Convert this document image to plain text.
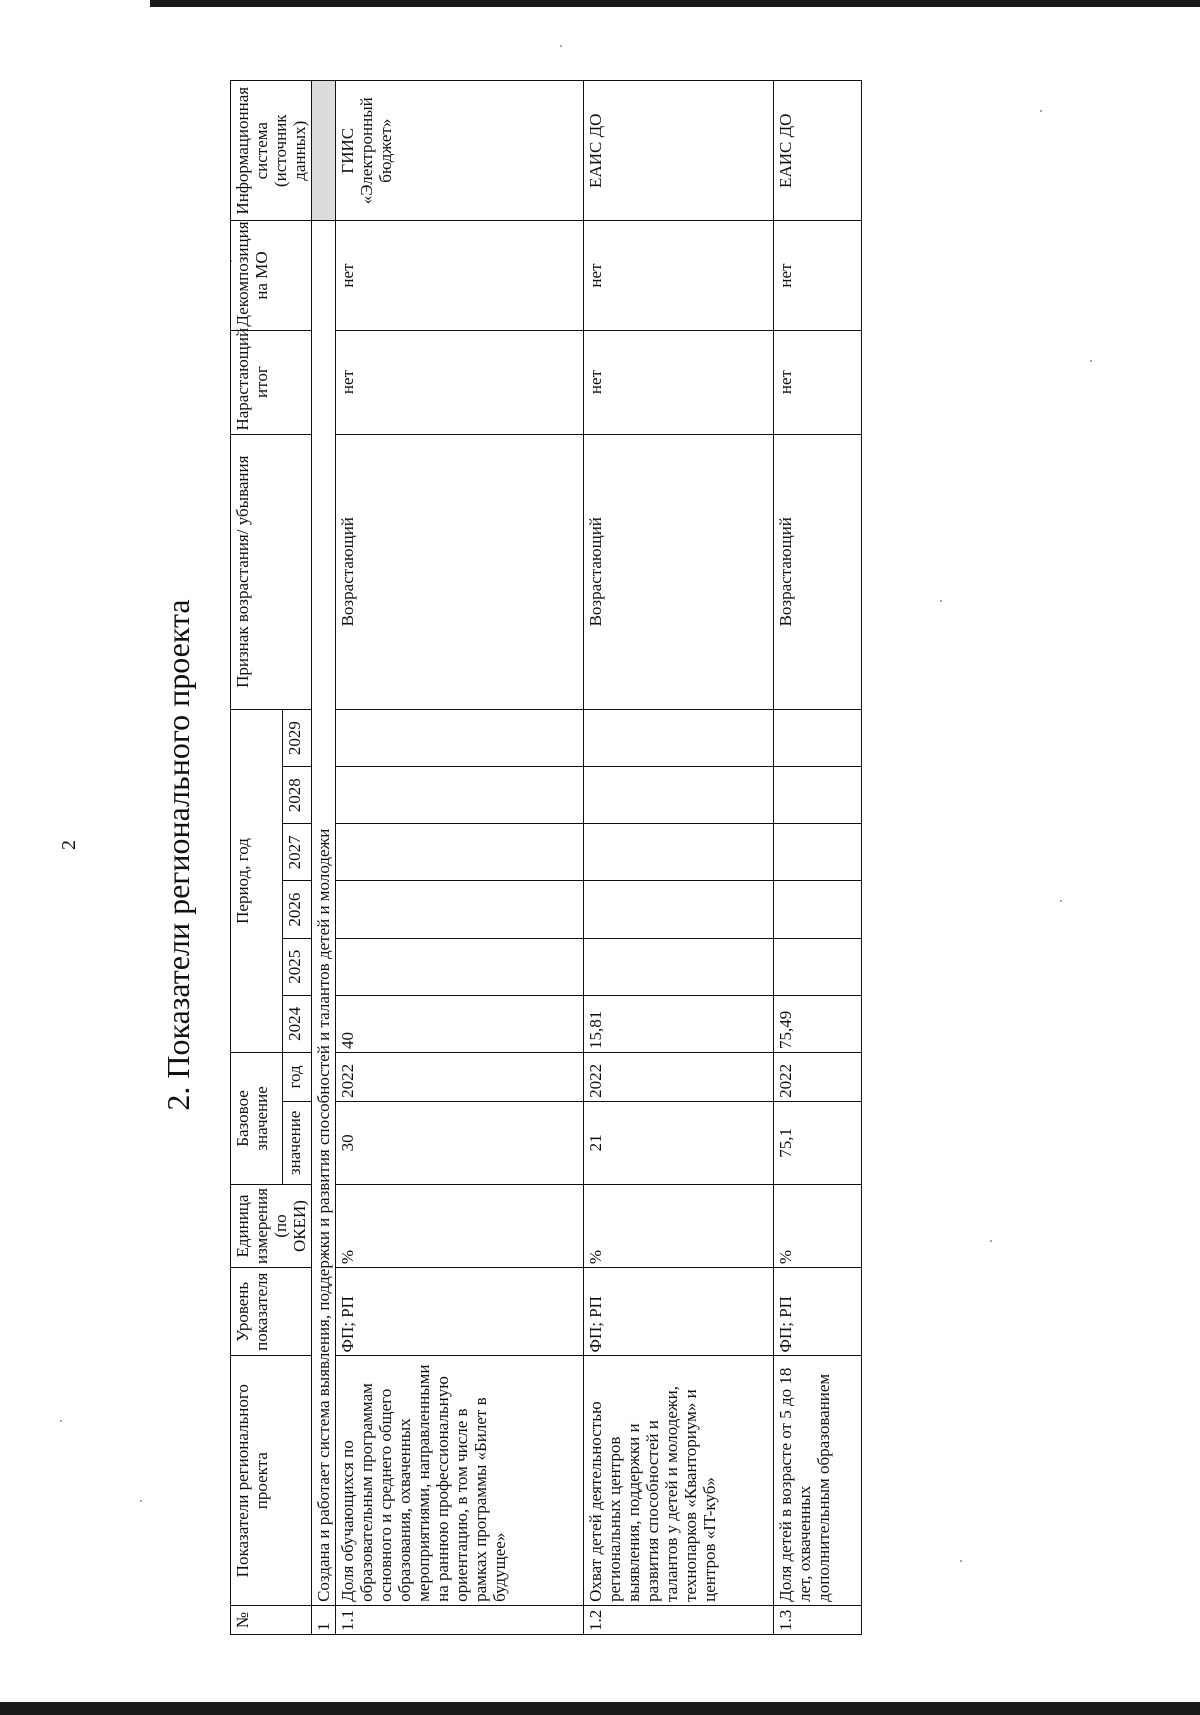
2	2. Показатели регионального проекта
№	Показатели регионального проекта	Уровень показателя	Единица измерения (по ОКЕИ)	Базовое значение		Период, год						Признак возрастания/ убывания	Нарастающий итог	Декомпозиция на МО	Информационная система (источник данных)
				значение	год	2024	2025	2026	2027	2028	2029				
1	Создана и работает система выявления, поддержки и развития способностей и талантов детей и молодежи														
1.1	Доля обучающихся по образовательным программам основного и среднего общего образования, охваченных мероприятиями, направленными на раннюю профессиональную ориентацию, в том числе в рамках программы «Билет в будущее»	ФП; РП	%	30	2022	40						Возрастающий	нет	нет	ГИИС «Электронный бюджет»
1.2	Охват детей деятельностью региональных центров выявления, поддержки и развития способностей и талантов у детей и молодежи, технопарков «Кванториум» и центров «IT-куб»	ФП; РП	%	21	2022	15,81						Возрастающий	нет	нет	ЕАИС ДО
1.3	Доля детей в возрасте от 5 до 18 лет, охваченных дополнительным образованием	ФП; РП	%	75,1	2022	75,49						Возрастающий	нет	нет	ЕАИС ДО
